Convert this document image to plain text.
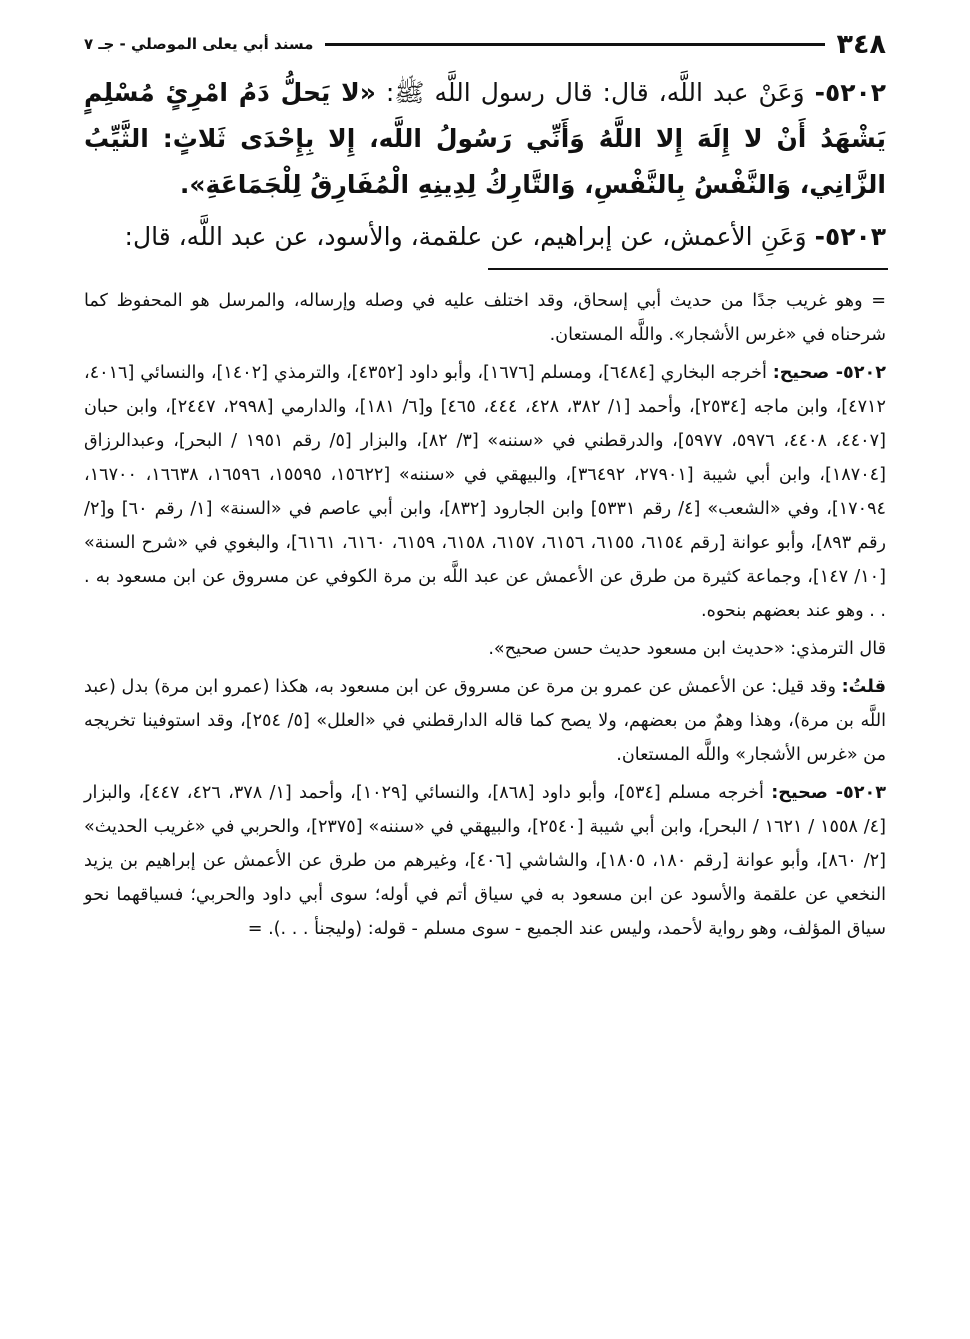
٣٤٨
مسند أبي يعلى الموصلي - جـ ٧

٥٢٠٢- وَعَنْ عبد اللَّه، قال: قال رسول اللَّه ﷺ: «لا يَحلُّ دَمُ امْرِئٍ مُسْلِمٍ يَشْهَدُ أَنْ لا إِلَهَ إِلا اللَّهُ وَأَنِّي رَسُولُ اللَّه، إِلا بِإِحْدَى ثَلاثٍ: الثَّيِّبُ الزَّانِي، وَالنَّفْسُ بِالنَّفْسِ، وَالتَّارِكُ لِدِينِهِ الْمُفَارِقُ لِلْجَمَاعَةِ».

٥٢٠٣- وَعَنِ الأعمش، عن إبراهيم، عن علقمة، والأسود، عن عبد اللَّه، قال:

= وهو غريب جدًا من حديث أبي إسحاق، وقد اختلف عليه في وصله وإرساله، والمرسل هو المحفوظ كما شرحناه في «غرس الأشجار». واللَّه المستعان.

٥٢٠٢- صحيح: أخرجه البخاري [٦٤٨٤]، ومسلم [١٦٧٦]، وأبو داود [٤٣٥٢]، والترمذي [١٤٠٢]، والنسائي [٤٠١٦، ٤٧١٢]، وابن ماجه [٢٥٣٤]، وأحمد [١/ ٣٨٢، ٤٢٨، ٤٤٤، ٤٦٥] و[٦/ ١٨١]، والدارمي [٢٩٩٨، ٢٤٤٧]، وابن حبان [٤٤٠٧، ٤٤٠٨، ٥٩٧٦، ٥٩٧٧]، والدرقطني في «سننه» [٣/ ٨٢]، والبزار [٥/ رقم ١٩٥١ / البحر]، وعبدالرزاق [١٨٧٠٤]، وابن أبي شيبة [٢٧٩٠١، ٣٦٤٩٢]، والبيهقي في «سننه» [١٥٦٢٢، ١٥٥٩٥، ١٦٥٩٦، ١٦٦٣٨، ١٦٧٠٠، ١٧٠٩٤]، وفي «الشعب» [٤/ رقم ٥٣٣١] وابن الجارود [٨٣٢]، وابن أبي عاصم في «السنة» [١/ رقم ٦٠] و[٢/ رقم ٨٩٣]، وأبو عوانة [رقم ٦١٥٤، ٦١٥٥، ٦١٥٦، ٦١٥٧، ٦١٥٨، ٦١٥٩، ٦١٦٠، ٦١٦١]، والبغوي في «شرح السنة» [١٠/ ١٤٧]، وجماعة كثيرة من طرق عن الأعمش عن عبد اللَّه بن مرة الكوفي عن مسروق عن ابن مسعود به . . . وهو عند بعضهم بنحوه.

قال الترمذي: «حديث ابن مسعود حديث حسن صحيح».

قلتُ: وقد قيل: عن الأعمش عن عمرو بن مرة عن مسروق عن ابن مسعود به، هكذا (عمرو ابن مرة) بدل (عبد اللَّه بن مرة)، وهذا وهمٌ من بعضهم، ولا يصح كما قاله الدارقطني في «العلل» [٥/ ٢٥٤]، وقد استوفينا تخريجه من «غرس الأشجار» واللَّه المستعان.

٥٢٠٣- صحيح: أخرجه مسلم [٥٣٤]، وأبو داود [٨٦٨]، والنسائي [١٠٢٩]، وأحمد [١/ ٣٧٨، ٤٢٦، ٤٤٧]، والبزار [٤/ ١٥٥٨ / ١٦٢١ / البحر]، وابن أبي شيبة [٢٥٤٠]، والبيهقي في «سننه» [٢٣٧٥]، والحربي في «غريب الحديث» [٢/ ٨٦٠]، وأبو عوانة [رقم ١٨٠، ١٨٠٥]، والشاشي [٤٠٦]، وغيرهم من طرق عن الأعمش عن إبراهيم بن يزيد النخعي عن علقمة والأسود عن ابن مسعود به في سياق أتم في أوله؛ سوى أبي داود والحربي؛ فسياقهما نحو سياق المؤلف، وهو رواية لأحمد، وليس عند الجميع - سوى مسلم - قوله: (وليجنأ . . .). =
